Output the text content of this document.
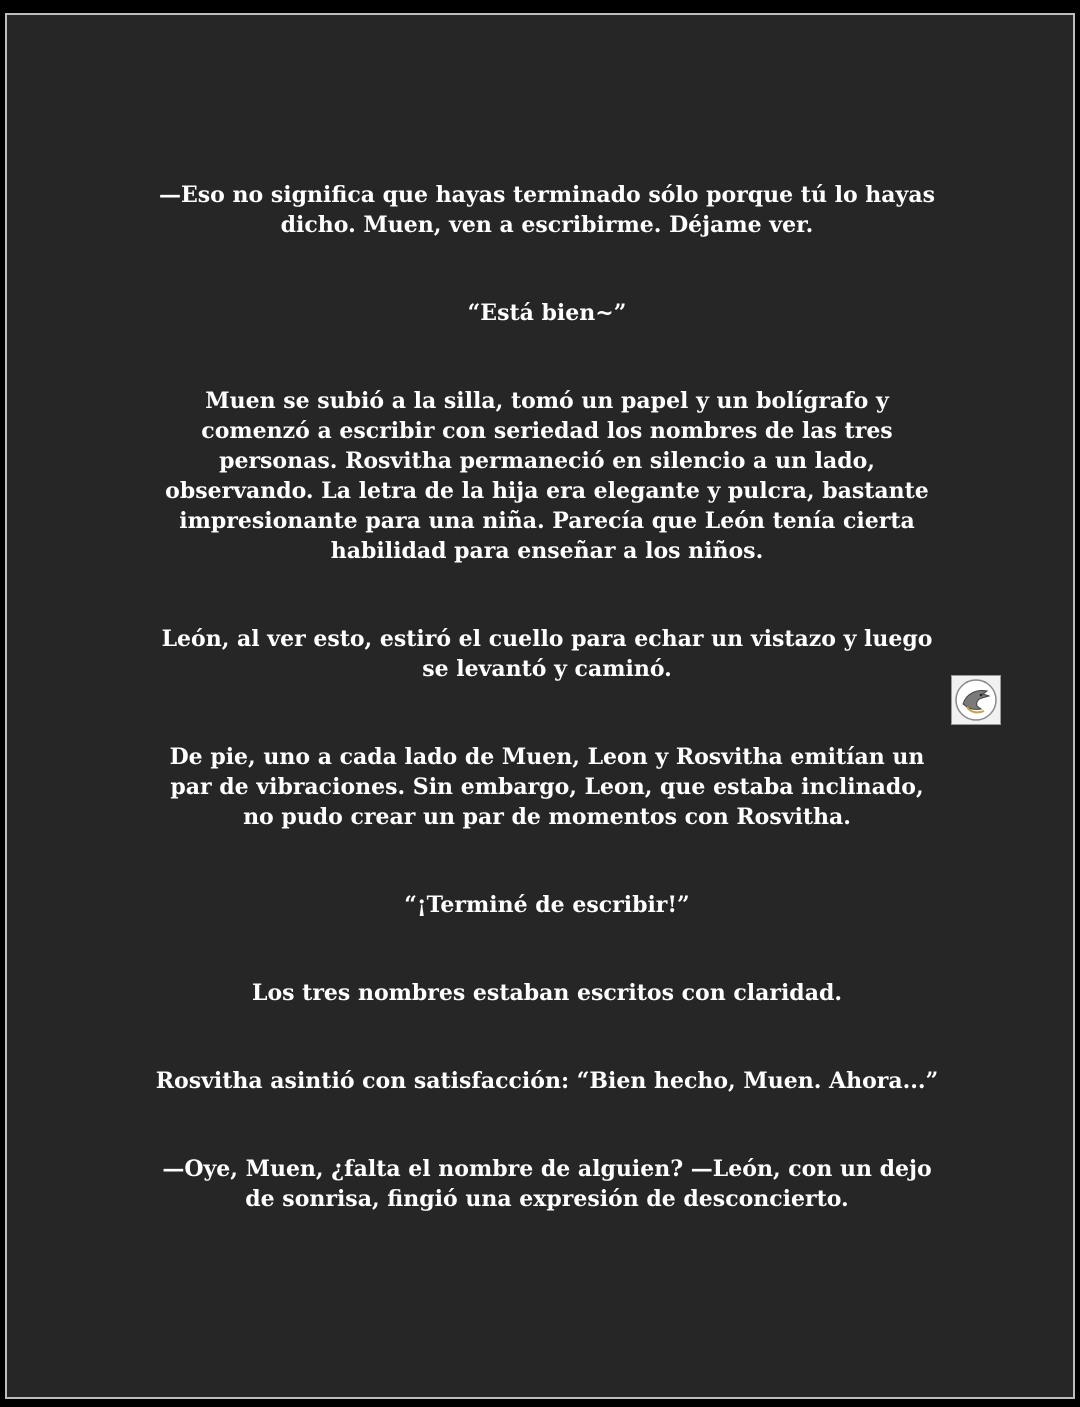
—Eso no significa que hayas terminado sólo porque tú lo hayas dicho. Muen, ven a escribirme. Déjame ver.

“Está bien~”

Muen se subió a la silla, tomó un papel y un bolígrafo y comenzó a escribir con seriedad los nombres de las tres personas. Rosvitha permaneció en silencio a un lado, observando. La letra de la hija era elegante y pulcra, bastante impresionante para una niña. Parecía que León tenía cierta habilidad para enseñar a los niños.

León, al ver esto, estiró el cuello para echar un vistazo y luego se levantó y caminó.

De pie, uno a cada lado de Muen, Leon y Rosvitha emitían un par de vibraciones. Sin embargo, Leon, que estaba inclinado, no pudo crear un par de momentos con Rosvitha.

“¡Terminé de escribir!”

Los tres nombres estaban escritos con claridad.

Rosvitha asintió con satisfacción: “Bien hecho, Muen. Ahora...”

—Oye, Muen, ¿falta el nombre de alguien? —León, con un dejo de sonrisa, fingió una expresión de desconcierto.
